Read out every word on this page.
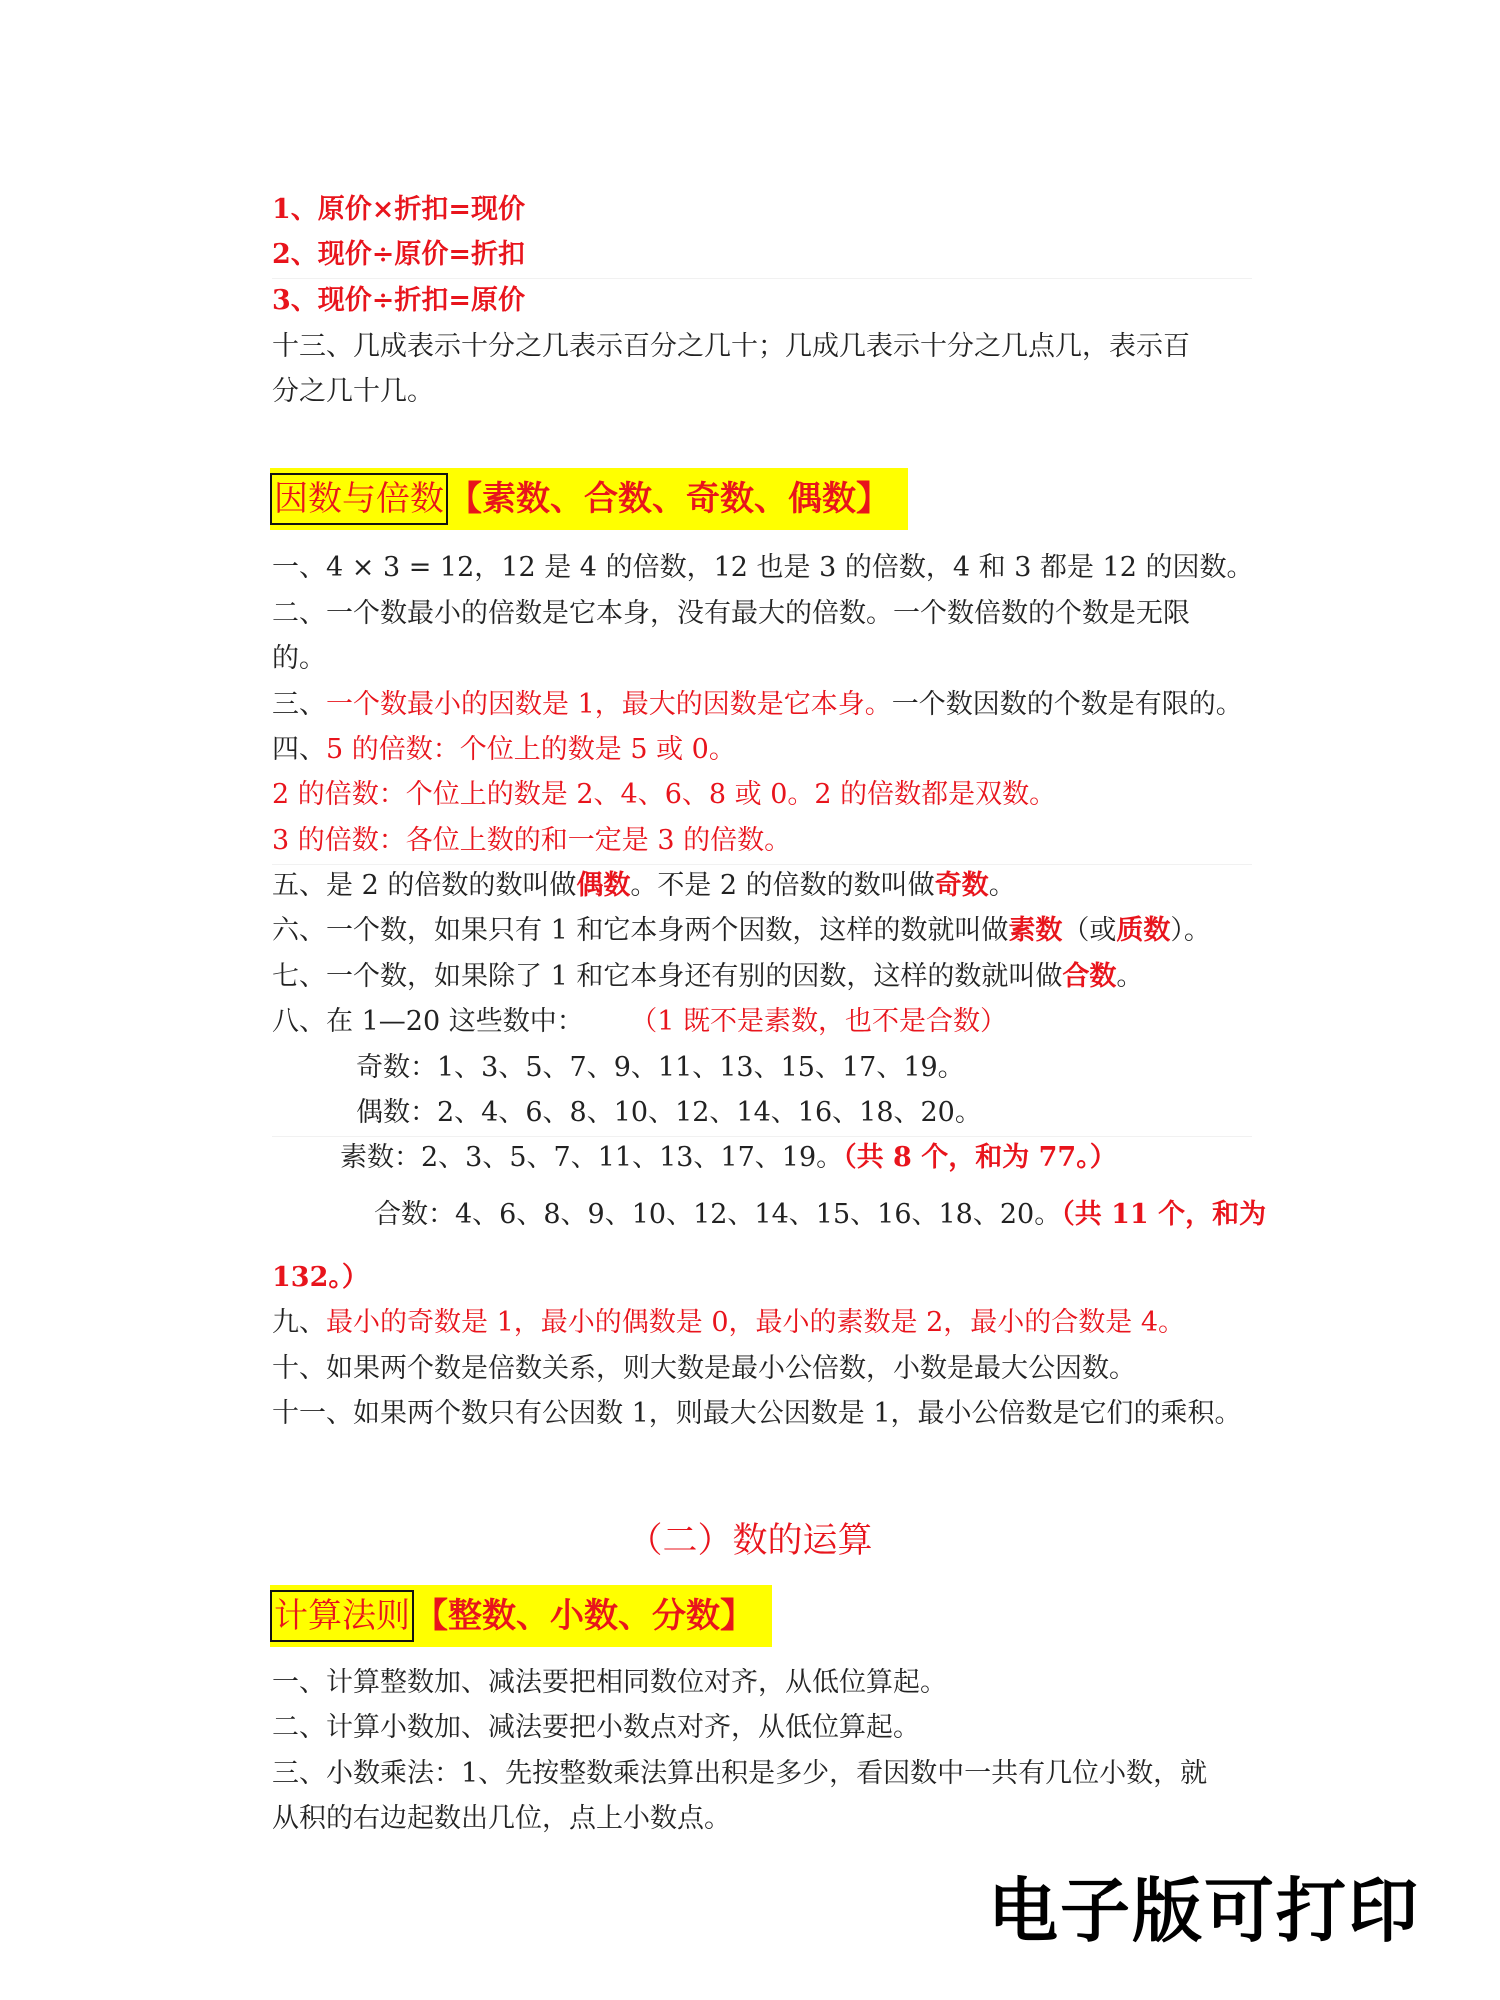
1、原价×折扣=现价
2、现价÷原价=折扣
3、现价÷折扣=原价
十三、几成表示十分之几表示百分之几十；几成几表示十分之几点几，表示百
分之几十几。
因数与倍数 【素数、合数、奇数、偶数】
一、4 × 3 = 12，12 是 4 的倍数，12 也是 3 的倍数，4 和 3 都是 12 的因数。
二、一个数最小的倍数是它本身，没有最大的倍数。一个数倍数的个数是无限
的。
三、一个数最小的因数是 1，最大的因数是它本身。一个数因数的个数是有限的。
四、5 的倍数：个位上的数是 5 或 0。
2 的倍数：个位上的数是 2、4、6、8 或 0。2 的倍数都是双数。
3 的倍数：各位上数的和一定是 3 的倍数。
五、是 2 的倍数的数叫做偶数。不是 2 的倍数的数叫做奇数。
六、一个数，如果只有 1 和它本身两个因数，这样的数就叫做素数（或质数）。
七、一个数，如果除了 1 和它本身还有别的因数，这样的数就叫做合数。
八、在 1—20 这些数中： （1 既不是素数，也不是合数）
奇数：1、3、5、7、9、11、13、15、17、19。
偶数：2、4、6、8、10、12、14、16、18、20。
素数：2、3、5、7、11、13、17、19。（共 8 个，和为 77。）
合数：4、6、8、9、10、12、14、15、16、18、20。（共 11 个，和为
132。）
九、最小的奇数是 1，最小的偶数是 0，最小的素数是 2，最小的合数是 4。
十、如果两个数是倍数关系，则大数是最小公倍数，小数是最大公因数。
十一、如果两个数只有公因数 1，则最大公因数是 1，最小公倍数是它们的乘积。
（二）数的运算
计算法则 【整数、小数、分数】
一、计算整数加、减法要把相同数位对齐，从低位算起。
二、计算小数加、减法要把小数点对齐，从低位算起。
三、小数乘法：1、先按整数乘法算出积是多少，看因数中一共有几位小数，就
从积的右边起数出几位，点上小数点。
电子版可打印
